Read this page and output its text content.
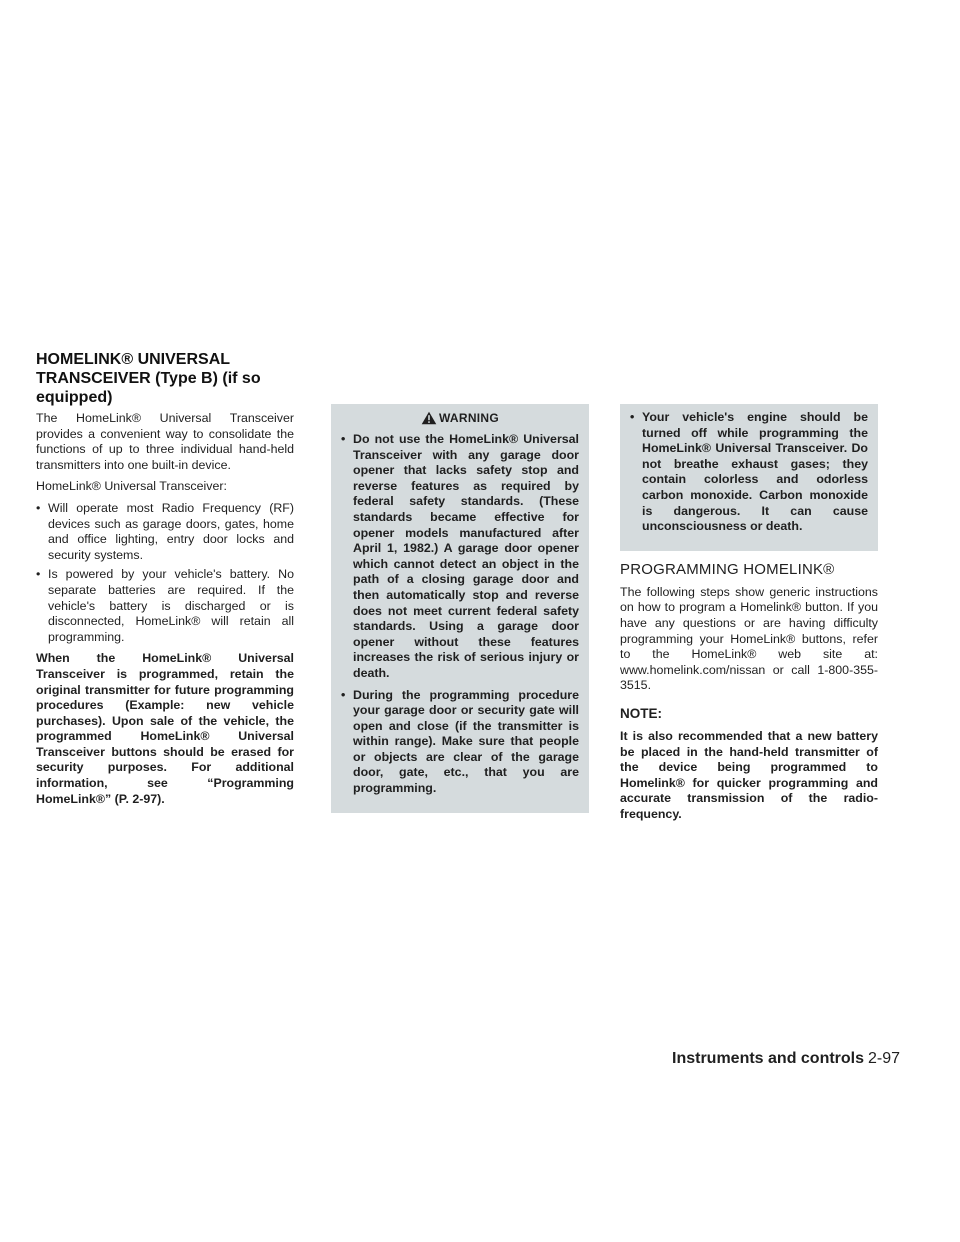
HOMELINK® UNIVERSAL TRANSCEIVER (Type B) (if so equipped)

The HomeLink® Universal Transceiver provides a convenient way to consolidate the functions of up to three individual hand-held transmitters into one built-in device.

HomeLink® Universal Transceiver:

• Will operate most Radio Frequency (RF) devices such as garage doors, gates, home and office lighting, entry door locks and security systems.
• Is powered by your vehicle's battery. No separate batteries are required. If the vehicle's battery is discharged or is disconnected, HomeLink® will retain all programming.

When the HomeLink® Universal Transceiver is programmed, retain the original transmitter for future programming procedures (Example: new vehicle purchases). Upon sale of the vehicle, the programmed HomeLink® Universal Transceiver buttons should be erased for security purposes. For additional information, see “Programming HomeLink®” (P. 2-97).

WARNING
• Do not use the HomeLink® Universal Transceiver with any garage door opener that lacks safety stop and reverse features as required by federal safety standards. (These standards became effective for opener models manufactured after April 1, 1982.) A garage door opener which cannot detect an object in the path of a closing garage door and then automatically stop and reverse does not meet current federal safety standards. Using a garage door opener without these features increases the risk of serious injury or death.
• During the programming procedure your garage door or security gate will open and close (if the transmitter is within range). Make sure that people or objects are clear of the garage door, gate, etc., that you are programming.
• Your vehicle's engine should be turned off while programming the HomeLink® Universal Transceiver. Do not breathe exhaust gases; they contain colorless and odorless carbon monoxide. Carbon monoxide is dangerous. It can cause unconsciousness or death.
PROGRAMMING HOMELINK®

The following steps show generic instructions on how to program a Homelink® button. If you have any questions or are having difficulty programming your HomeLink® buttons, refer to the HomeLink® web site at: www.homelink.com/nissan or call 1-800-355-3515.

NOTE:

It is also recommended that a new battery be placed in the hand-held transmitter of the device being programmed to Homelink® for quicker programming and accurate transmission of the radio-frequency.

Instruments and controls 2-97
